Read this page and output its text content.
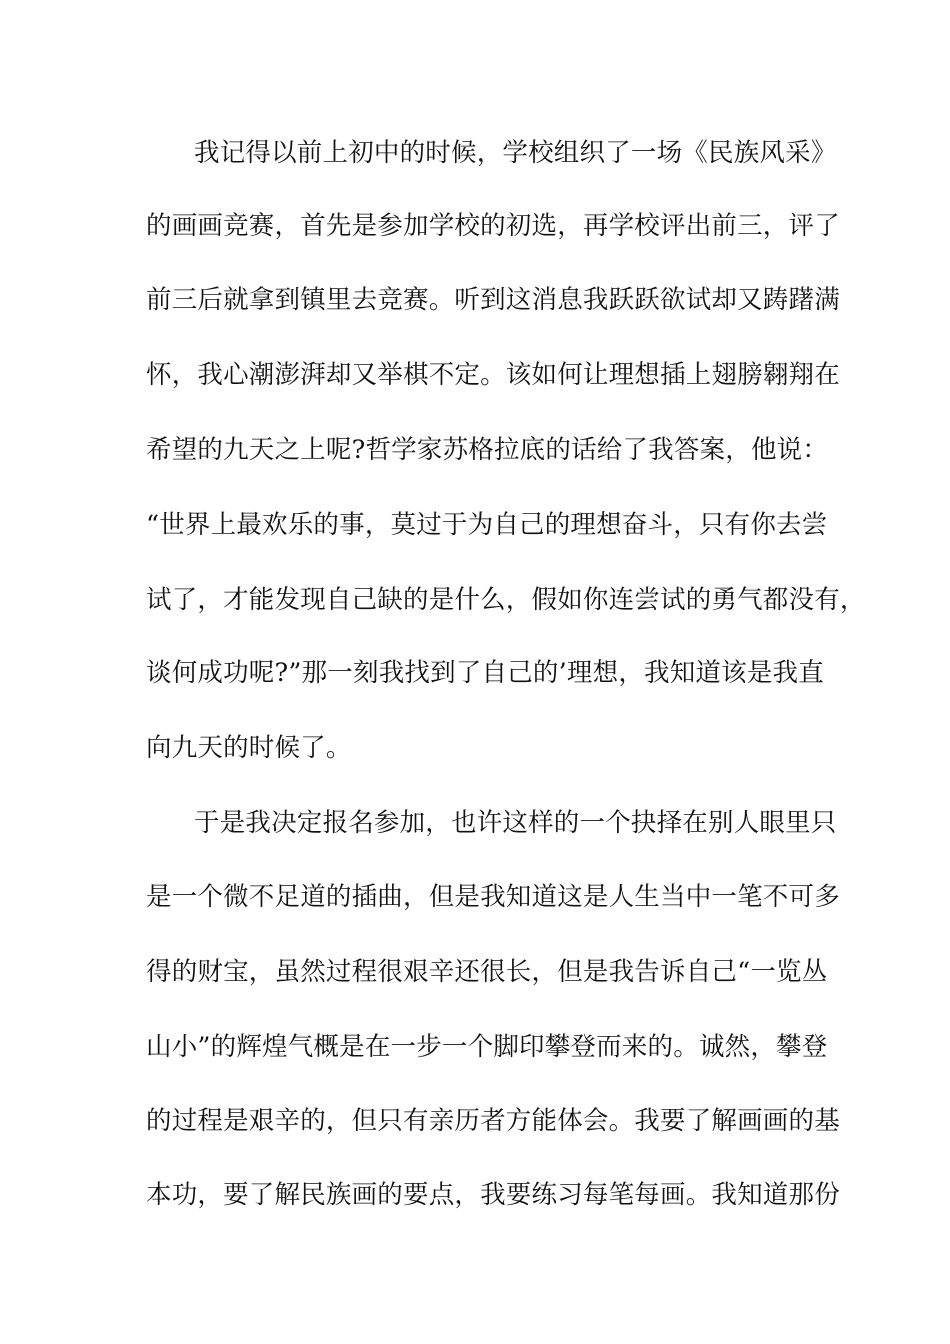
我记得以前上初中的时候，学校组织了一场《民族风采》
的画画竞赛，首先是参加学校的初选，再学校评出前三，评了
前三后就拿到镇里去竞赛。听到这消息我跃跃欲试却又踌躇满
怀，我心潮澎湃却又举棋不定。该如何让理想插上翅膀翱翔在
希望的九天之上呢?哲学家苏格拉底的话给了我答案，他说：
“世界上最欢乐的事，莫过于为自己的理想奋斗，只有你去尝
试了，才能发现自己缺的是什么，假如你连尝试的勇气都没有，
谈何成功呢?”那一刻我找到了自己的’理想，我知道该是我直
向九天的时候了。
于是我决定报名参加，也许这样的一个抉择在别人眼里只
是一个微不足道的插曲，但是我知道这是人生当中一笔不可多
得的财宝，虽然过程很艰辛还很长，但是我告诉自己“一览丛
山小”的辉煌气概是在一步一个脚印攀登而来的。诚然，攀登
的过程是艰辛的，但只有亲历者方能体会。我要了解画画的基
本功，要了解民族画的要点，我要练习每笔每画。我知道那份
